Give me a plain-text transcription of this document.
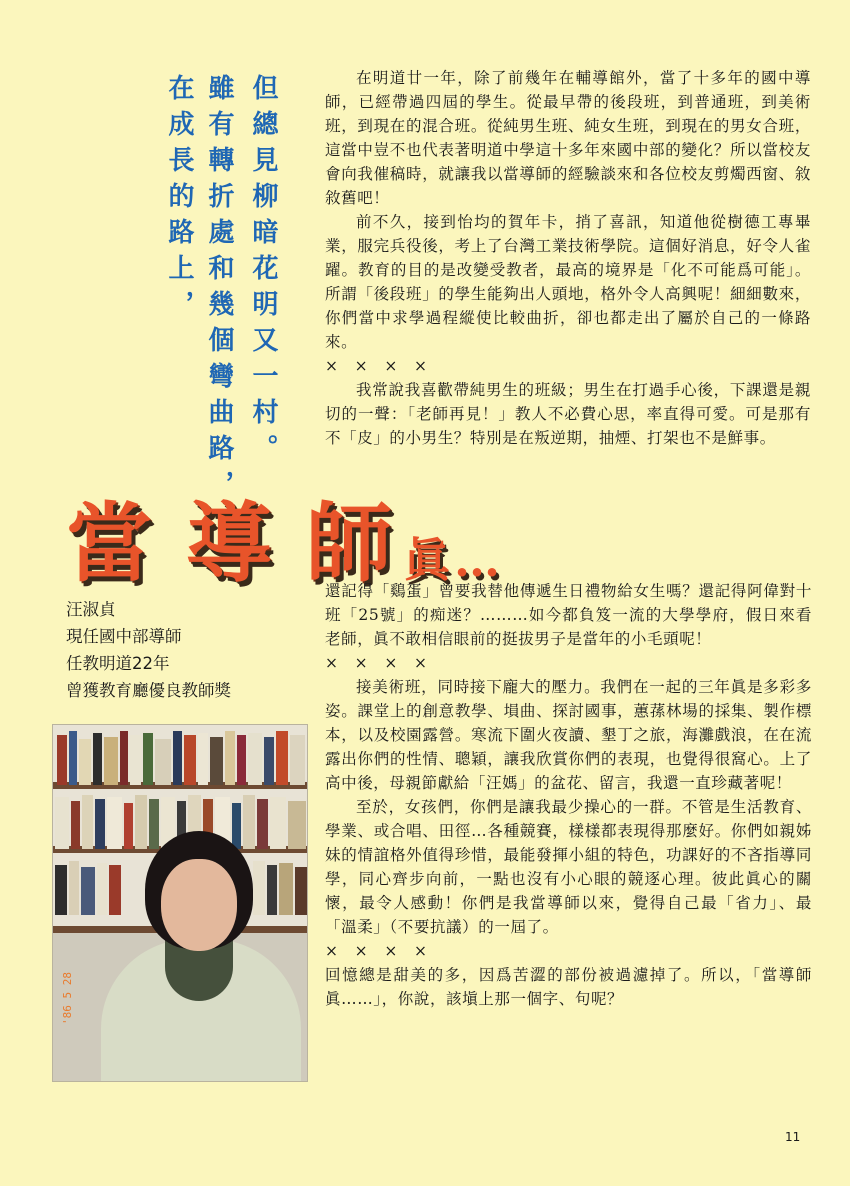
在成長的路上， 雖有轉折處和幾個彎曲路， 但總見柳暗花明又一村。	在明道廿一年，除了前幾年在輔導館外，當了十多年的國中導師，已經帶過四屆的學生。從最早帶的後段班，到普通班，到美術班，到現在的混合班。從純男生班、純女生班，到現在的男女合班，這當中豈不也代表著明道中學這十多年來國中部的變化？所以當校友會向我催稿時，就讓我以當導師的經驗談來和各位校友剪燭西窗、敘敘舊吧！

前不久，接到怡均的賀年卡，捎了喜訊，知道他從樹德工專畢業，服完兵役後，考上了台灣工業技術學院。這個好消息，好令人雀躍。教育的目的是改變受教者，最高的境界是「化不可能爲可能」。所謂「後段班」的學生能夠出人頭地，格外令人高興呢！細細數來，你們當中求學過程縱使比較曲折，卻也都走出了屬於自己的一條路來。

×　×　×　×

我常說我喜歡帶純男生的班級；男生在打過手心後，下課還是親切的一聲：「老師再見！」教人不必費心思，率直得可愛。可是那有不「皮」的小男生？特別是在叛逆期，抽煙、打架也不是鮮事。

當導師眞…
汪淑貞
現任國中部導師
任教明道22年
曾獲教育廳優良教師獎
'86 5 28

還記得「鷄蛋」曾要我替他傳遞生日禮物給女生嗎？還記得阿偉對十班「25號」的痴迷？………如今都負笈一流的大學學府，假日來看老師，眞不敢相信眼前的挺拔男子是當年的小毛頭呢！

×　×　×　×

接美術班，同時接下龐大的壓力。我們在一起的三年眞是多彩多姿。課堂上的創意教學、塤曲、探討國事，蕙蓀林場的採集、製作標本，以及校園露營。寒流下圍火夜讀、墾丁之旅，海灘戲浪，在在流露出你們的性情、聰穎，讓我欣賞你們的表現，也覺得很窩心。上了高中後，母親節獻給「汪媽」的盆花、留言，我還一直珍藏著呢！

至於，女孩們，你們是讓我最少操心的一群。不管是生活教育、學業、或合唱、田徑…各種競賽，樣樣都表現得那麼好。你們如親姊妹的情誼格外值得珍惜，最能發揮小組的特色，功課好的不吝指導同學，同心齊步向前，一點也沒有小心眼的競逐心理。彼此眞心的關懷，最令人感動！你們是我當導師以來，覺得自己最「省力」、最「溫柔」（不要抗議）的一屆了。

×　×　×　×

回憶總是甜美的多，因爲苦澀的部份被過濾掉了。所以，「當導師眞……」，你說，該塡上那一個字、句呢？

11
